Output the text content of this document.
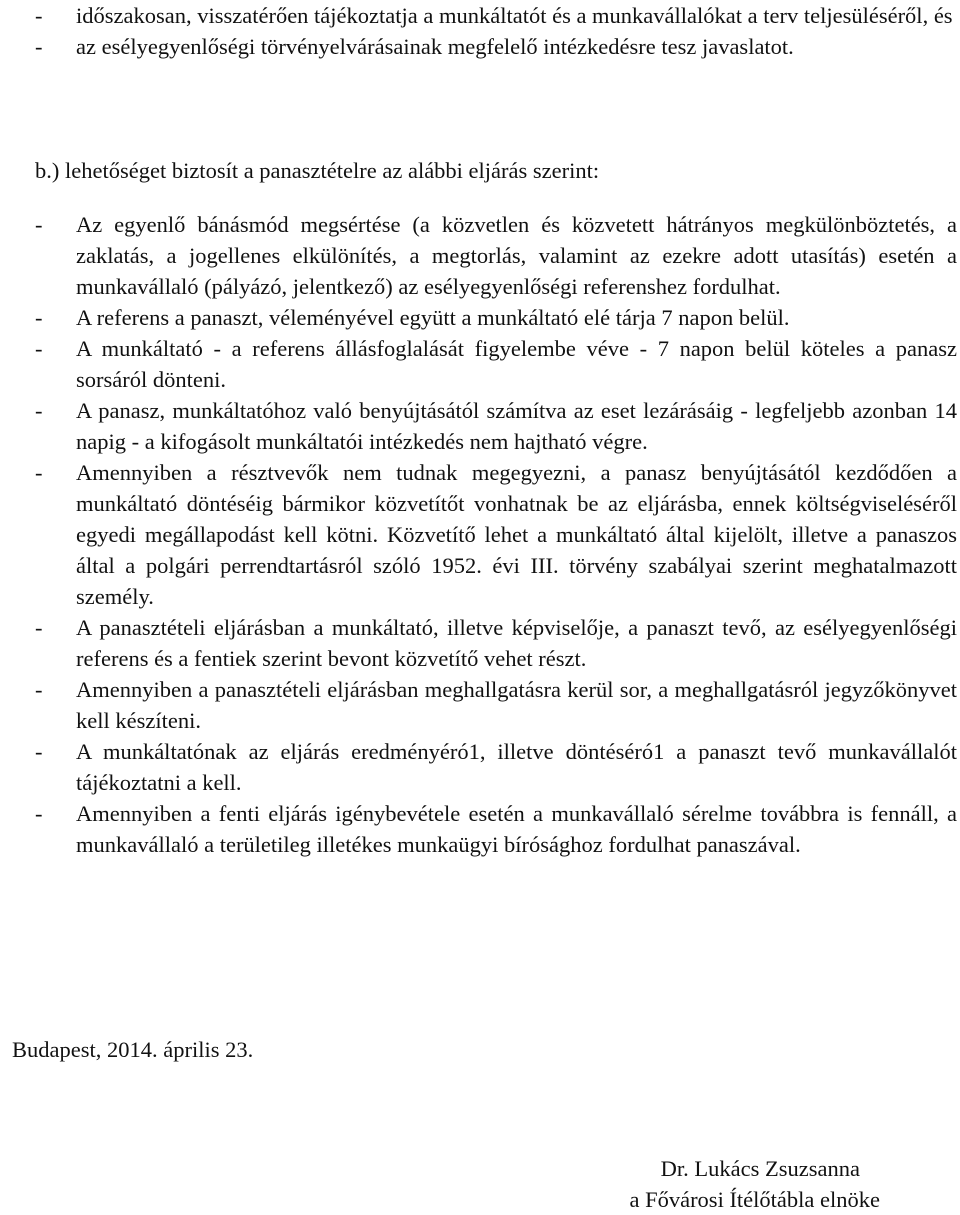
- időszakosan, visszatérően tájékoztatja a munkáltatót és a munkavállalókat a terv teljesüléséről, és
- az esélyegyenlőségi törvényelvárásainak megfelelő intézkedésre tesz javaslatot.
b.) lehetőséget biztosít a panasztételre az alábbi eljárás szerint:
- Az egyenlő bánásmód megsértése (a közvetlen és közvetett hátrányos megkülönböztetés, a zaklatás, a jogellenes elkülönítés, a megtorlás, valamint az ezekre adott utasítás) esetén a munkavállaló (pályázó, jelentkező) az esélyegyenlőségi referenshez fordulhat.
- A referens a panaszt, véleményével együtt a munkáltató elé tárja 7 napon belül.
- A munkáltató - a referens állásfoglalását figyelembe véve - 7 napon belül köteles a panasz sorsáról dönteni.
- A panasz, munkáltatóhoz való benyújtásától számítva az eset lezárásáig - legfeljebb azonban 14 napig - a kifogásolt munkáltatói intézkedés nem hajtható végre.
- Amennyiben a résztvevők nem tudnak megegyezni, a panasz benyújtásától kezdődően a munkáltató döntéséig bármikor közvetítőt vonhatnak be az eljárásba, ennek költségviseléséről egyedi megállapodást kell kötni. Közvetítő lehet a munkáltató által kijelölt, illetve a panaszos által a polgári perrendtartásról szóló 1952. évi III. törvény szabályai szerint meghatalmazott személy.
- A panasztételi eljárásban a munkáltató, illetve képviselője, a panaszt tevő, az esélyegyenlőségi referens és a fentiek szerint bevont közvetítő vehet részt.
- Amennyiben a panasztételi eljárásban meghallgatásra kerül sor, a meghallgatásról jegyzőkönyvet kell készíteni.
- A munkáltatónak az eljárás eredményéró1, illetve döntéséró1 a panaszt tevő munkavállalót tájékoztatni a kell.
- Amennyiben a fenti eljárás igénybevétele esetén a munkavállaló sérelme továbbra is fennáll, a munkavállaló a területileg illetékes munkaügyi bírósághoz fordulhat panaszával.
Budapest, 2014. április 23.
Dr. Lukács Zsuzsanna
a Fővárosi Ítélőtábla elnöke
